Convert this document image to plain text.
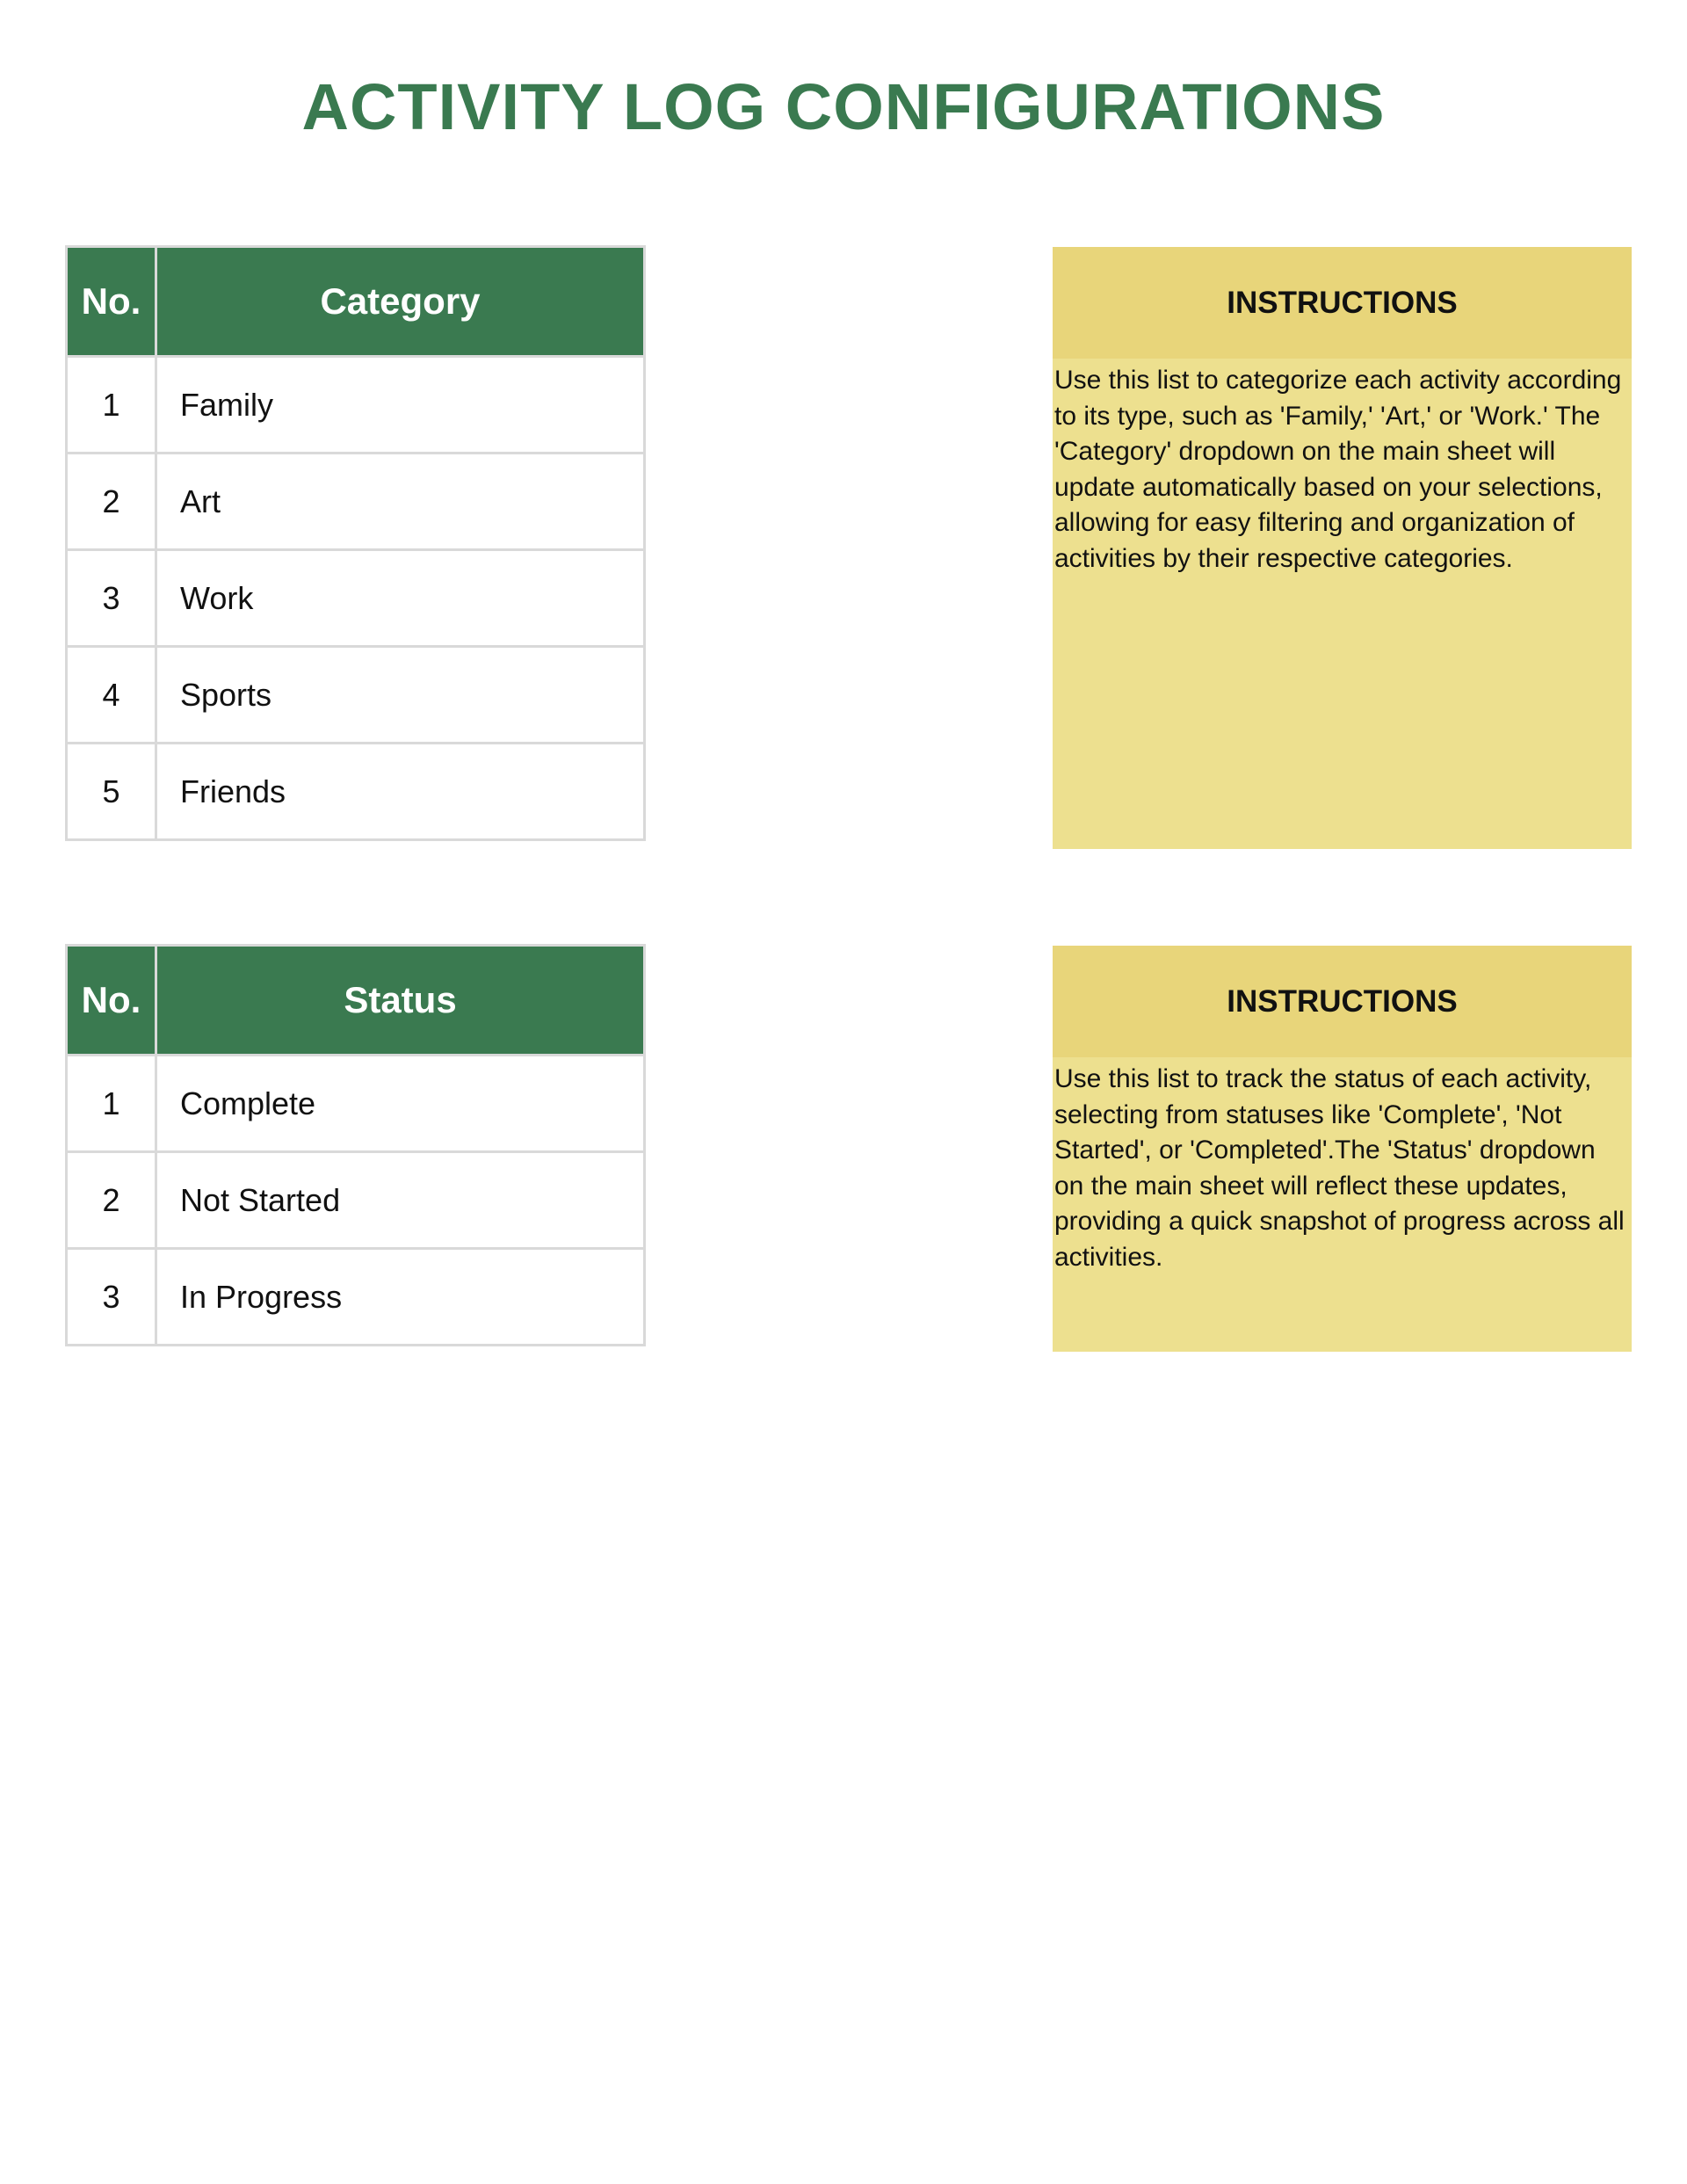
ACTIVITY LOG CONFIGURATIONS
No.	Category
1	Family
2	Art
3	Work
4	Sports
5	Friends
INSTRUCTIONS
Use this list to categorize each activity according to its type, such as 'Family,' 'Art,' or 'Work.' The 'Category' dropdown on the main sheet will update automatically based on your selections, allowing for easy filtering and organization of activities by their respective categories.
No.	Status
1	Complete
2	Not Started
3	In Progress
INSTRUCTIONS
Use this list to track the status of each activity, selecting from statuses like 'Complete', 'Not Started', or 'Completed'.The 'Status' dropdown on the main sheet will reflect these updates, providing a quick snapshot of progress across all activities.
